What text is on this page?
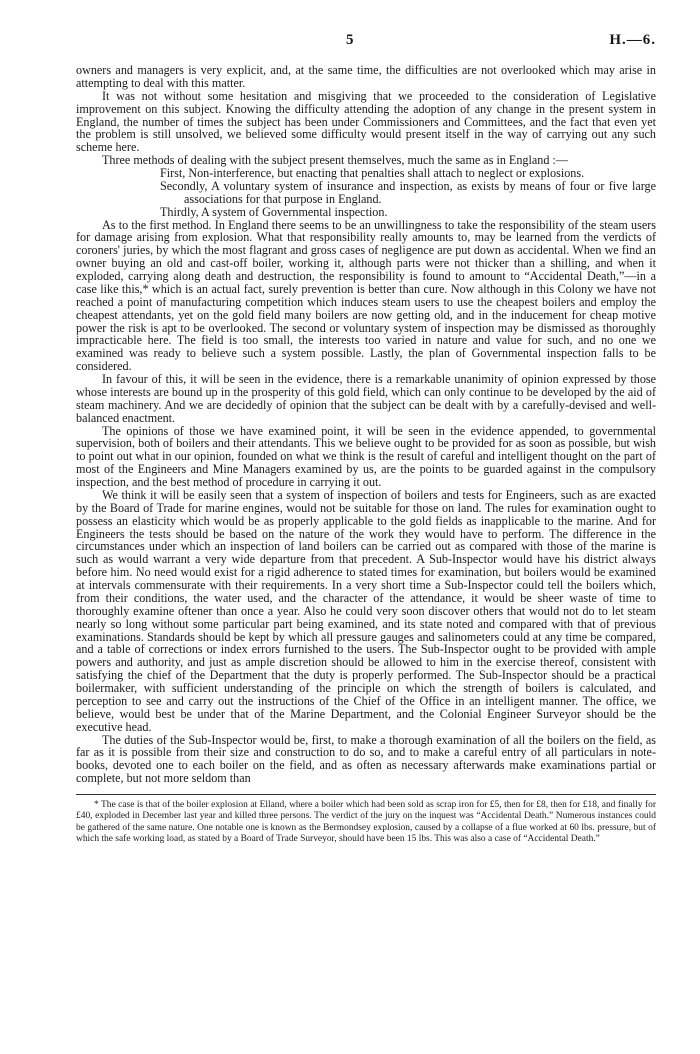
5	H.—6.

owners and managers is very explicit, and, at the same time, the difficulties are not overlooked which may arise in attempting to deal with this matter.

It was not without some hesitation and misgiving that we proceeded to the consideration of Legislative improvement on this subject. Knowing the difficulty attending the adoption of any change in the present system in England, the number of times the subject has been under Commissioners and Committees, and the fact that even yet the problem is still unsolved, we believed some difficulty would present itself in the way of carrying out any such scheme here.

Three methods of dealing with the subject present themselves, much the same as in England :—

First, Non-interference, but enacting that penalties shall attach to neglect or explosions.
Secondly, A voluntary system of insurance and inspection, as exists by means of four or five large associations for that purpose in England.
Thirdly, A system of Governmental inspection.

As to the first method. In England there seems to be an unwillingness to take the responsibility of the steam users for damage arising from explosion. What that responsibility really amounts to, may be learned from the verdicts of coroners' juries, by which the most flagrant and gross cases of negligence are put down as accidental. When we find an owner buying an old and cast-off boiler, working it, although parts were not thicker than a shilling, and when it exploded, carrying along death and destruction, the responsibility is found to amount to “Accidental Death,”—in a case like this,* which is an actual fact, surely prevention is better than cure. Now although in this Colony we have not reached a point of manufacturing competition which induces steam users to use the cheapest boilers and employ the cheapest attendants, yet on the gold field many boilers are now getting old, and in the inducement for cheap motive power the risk is apt to be overlooked. The second or voluntary system of inspection may be dismissed as thoroughly impracticable here. The field is too small, the interests too varied in nature and value for such, and no one we examined was ready to believe such a system possible. Lastly, the plan of Governmental inspection falls to be considered.

In favour of this, it will be seen in the evidence, there is a remarkable unanimity of opinion expressed by those whose interests are bound up in the prosperity of this gold field, which can only continue to be developed by the aid of steam machinery. And we are decidedly of opinion that the subject can be dealt with by a carefully-devised and well-balanced enactment.

The opinions of those we have examined point, it will be seen in the evidence appended, to governmental supervision, both of boilers and their attendants. This we believe ought to be provided for as soon as possible, but wish to point out what in our opinion, founded on what we think is the result of careful and intelligent thought on the part of most of the Engineers and Mine Managers examined by us, are the points to be guarded against in the compulsory inspection, and the best method of procedure in carrying it out.

We think it will be easily seen that a system of inspection of boilers and tests for Engineers, such as are exacted by the Board of Trade for marine engines, would not be suitable for those on land. The rules for examination ought to possess an elasticity which would be as properly applicable to the gold fields as inapplicable to the marine. And for Engineers the tests should be based on the nature of the work they would have to perform. The difference in the circumstances under which an inspection of land boilers can be carried out as compared with those of the marine is such as would warrant a very wide departure from that precedent. A Sub-Inspector would have his district always before him. No need would exist for a rigid adherence to stated times for examination, but boilers would be examined at intervals commensurate with their requirements. In a very short time a Sub-Inspector could tell the boilers which, from their conditions, the water used, and the character of the attendance, it would be sheer waste of time to thoroughly examine oftener than once a year. Also he could very soon discover others that would not do to let steam nearly so long without some particular part being examined, and its state noted and compared with that of previous examinations. Standards should be kept by which all pressure gauges and salinometers could at any time be compared, and a table of corrections or index errors furnished to the users. The Sub-Inspector ought to be provided with ample powers and authority, and just as ample discretion should be allowed to him in the exercise thereof, consistent with satisfying the chief of the Department that the duty is properly performed. The Sub-Inspector should be a practical boilermaker, with sufficient understanding of the principle on which the strength of boilers is calculated, and perception to see and carry out the instructions of the Chief of the Office in an intelligent manner. The office, we believe, would best be under that of the Marine Department, and the Colonial Engineer Surveyor should be the executive head.

The duties of the Sub-Inspector would be, first, to make a thorough examination of all the boilers on the field, as far as it is possible from their size and construction to do so, and to make a careful entry of all particulars in note-books, devoted one to each boiler on the field, and as often as necessary afterwards make examinations partial or complete, but not more seldom than

* The case is that of the boiler explosion at Elland, where a boiler which had been sold as scrap iron for £5, then for £8, then for £18, and finally for £40, exploded in December last year and killed three persons. The verdict of the jury on the inquest was “Accidental Death.” Numerous instances could be gathered of the same nature. One notable one is known as the Bermondsey explosion, caused by a collapse of a flue worked at 60 lbs. pressure, but of which the safe working load, as stated by a Board of Trade Surveyor, should have been 15 lbs. This was also a case of “Accidental Death.”
